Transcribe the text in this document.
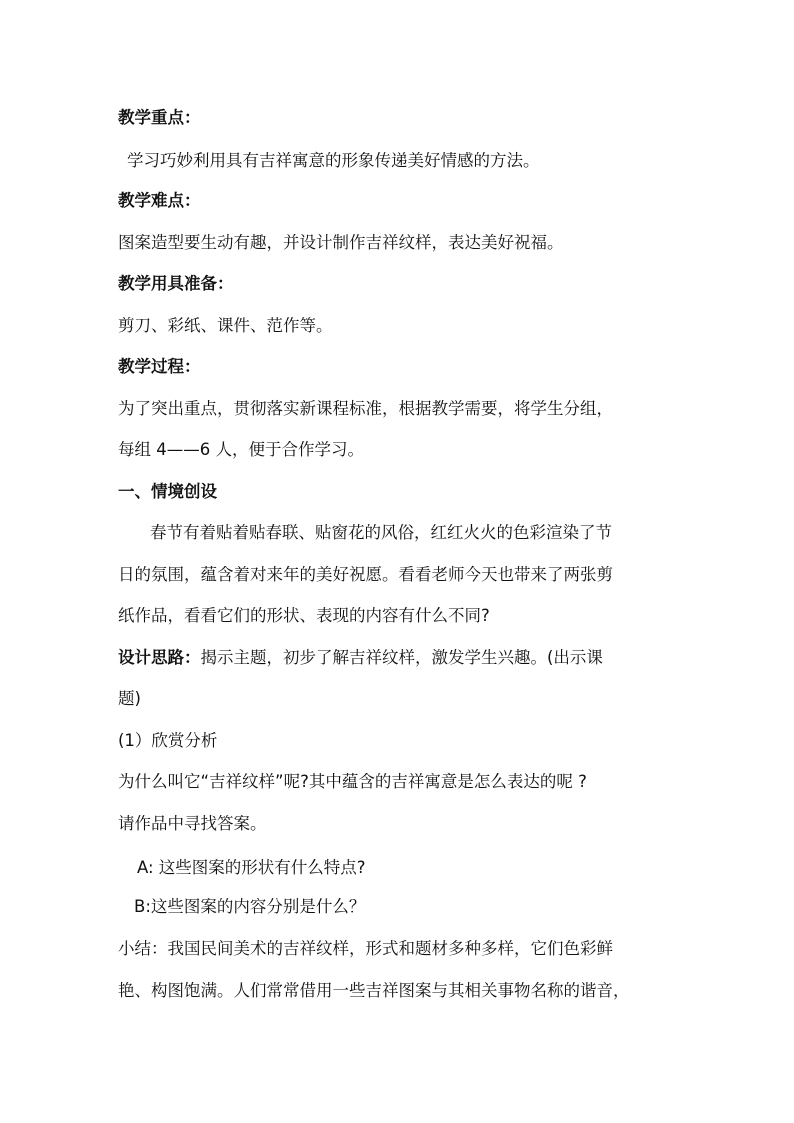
教学重点：
学习巧妙利用具有吉祥寓意的形象传递美好情感的方法。
教学难点：
图案造型要生动有趣，并设计制作吉祥纹样，表达美好祝福。
教学用具准备：
剪刀、彩纸、课件、范作等。
教学过程：
为了突出重点，贯彻落实新课程标准，根据教学需要，将学生分组，
每组 4——6 人，便于合作学习。
一、情境创设
春节有着贴着贴春联、贴窗花的风俗，红红火火的色彩渲染了节
日的氛围，蕴含着对来年的美好祝愿。看看老师今天也带来了两张剪
纸作品，看看它们的形状、表现的内容有什么不同?
设计思路：揭示主题，初步了解吉祥纹样，激发学生兴趣。(出示课
题)
(1）欣赏分析
为什么叫它“吉祥纹样”呢?其中蕴含的吉祥寓意是怎么表达的呢 ?
请作品中寻找答案。
A: 这些图案的形状有什么特点?
B:这些图案的内容分别是什么？
小结：我国民间美术的吉祥纹样，形式和题材多种多样，它们色彩鲜
艳、构图饱满。人们常常借用一些吉祥图案与其相关事物名称的谐音，
